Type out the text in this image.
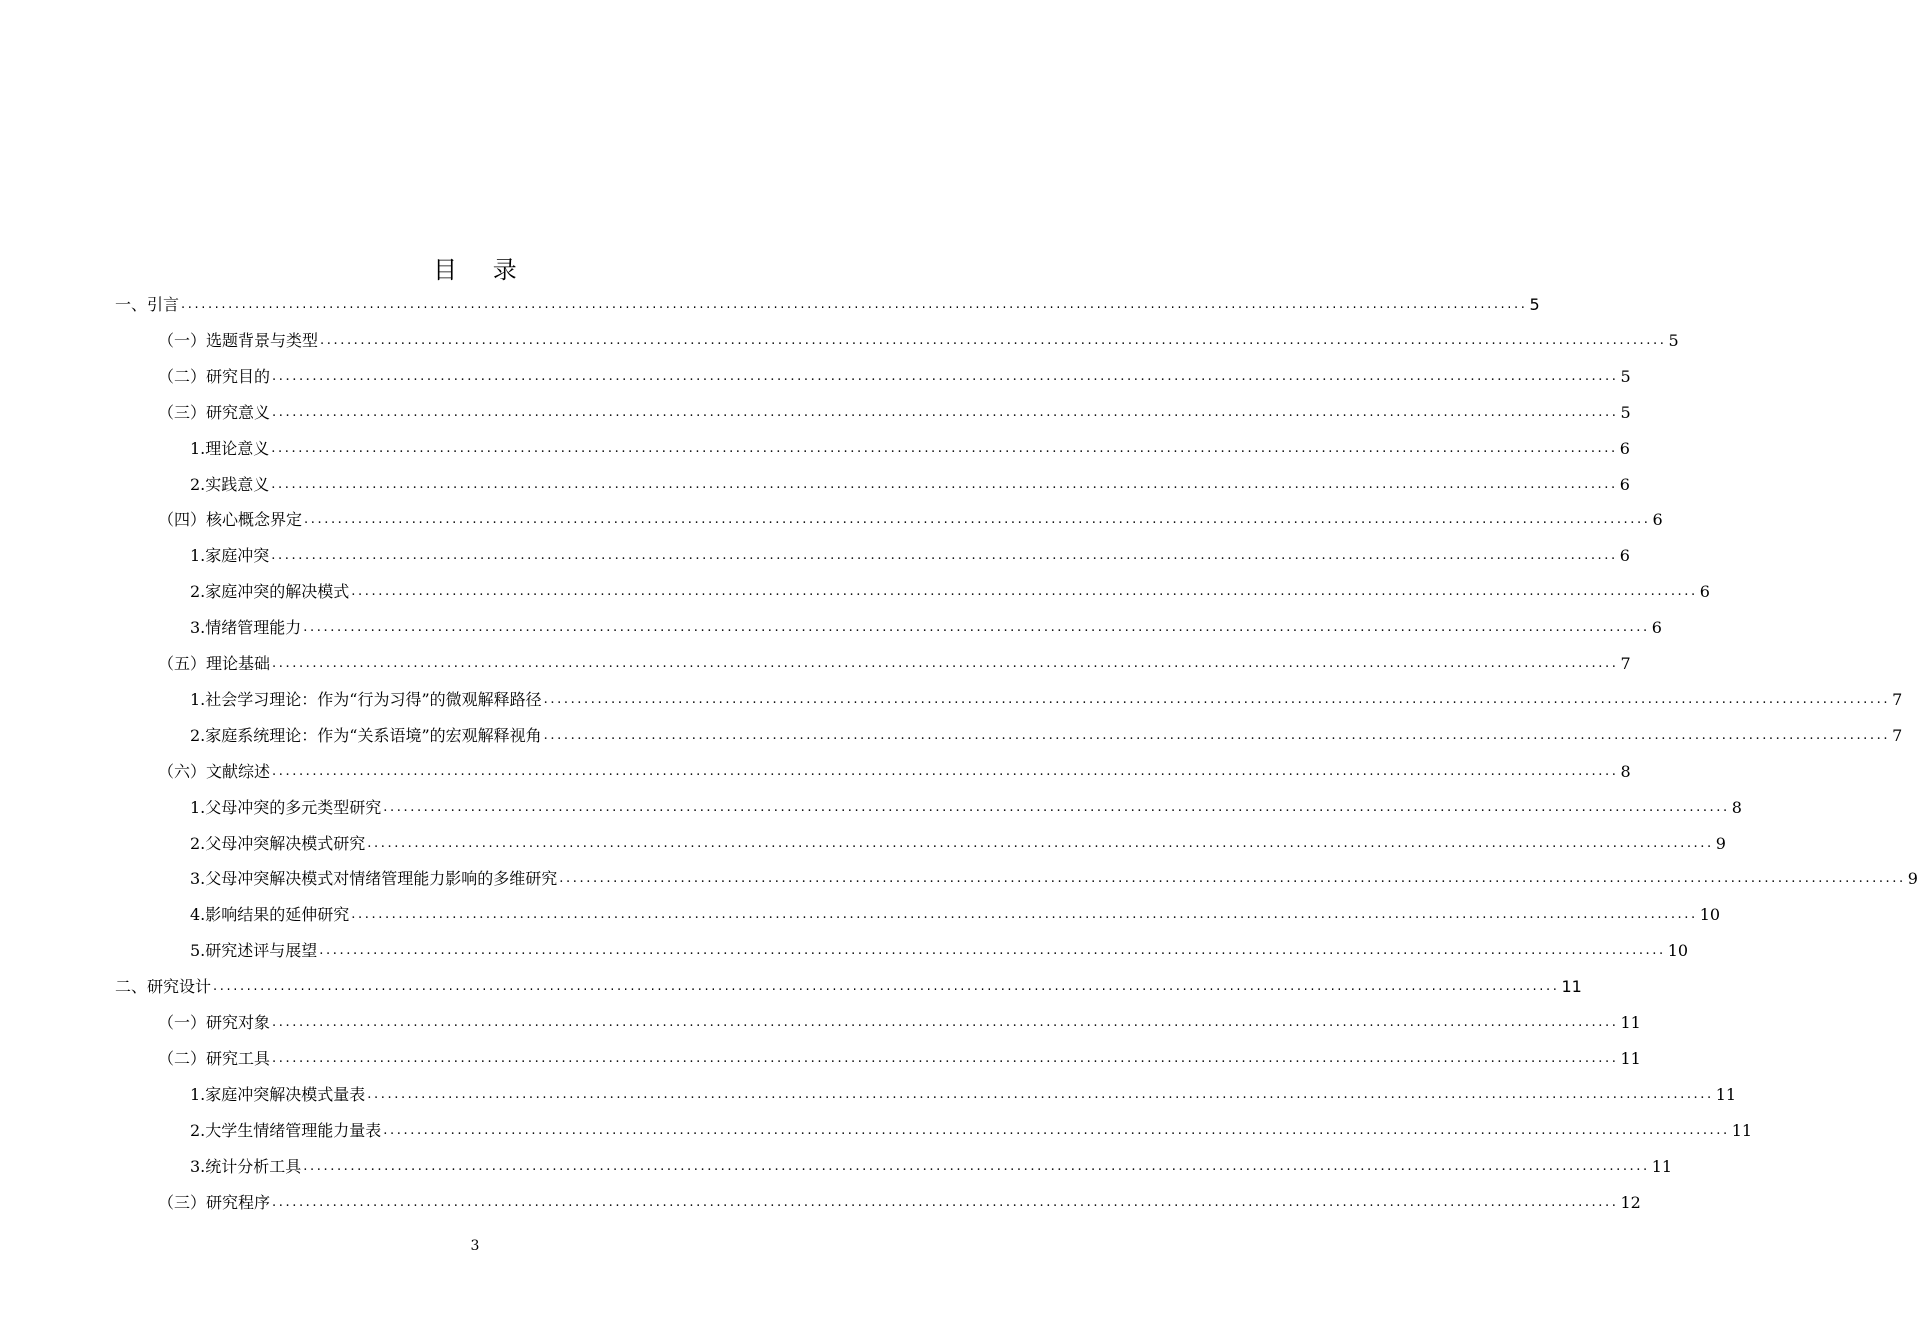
目 录
一、引言 ........................................................................................................................................................................................................ 5
（一）选题背景与类型 ........................................................................................................................................................................................................ 5
（二）研究目的 ........................................................................................................................................................................................................ 5
（三）研究意义 ........................................................................................................................................................................................................ 5
1.理论意义 ........................................................................................................................................................................................................ 6
2.实践意义 ........................................................................................................................................................................................................ 6
（四）核心概念界定 ........................................................................................................................................................................................................ 6
1.家庭冲突 ........................................................................................................................................................................................................ 6
2.家庭冲突的解决模式 ........................................................................................................................................................................................................ 6
3.情绪管理能力 ........................................................................................................................................................................................................ 6
（五）理论基础 ........................................................................................................................................................................................................ 7
1.社会学习理论：作为“行为习得”的微观解释路径 ........................................................................................................................................................................................................ 7
2.家庭系统理论：作为“关系语境”的宏观解释视角 ........................................................................................................................................................................................................ 7
（六）文献综述 ........................................................................................................................................................................................................ 8
1.父母冲突的多元类型研究 ........................................................................................................................................................................................................ 8
2.父母冲突解决模式研究 ........................................................................................................................................................................................................ 9
3.父母冲突解决模式对情绪管理能力影响的多维研究 ........................................................................................................................................................................................................ 9
4.影响结果的延伸研究 ........................................................................................................................................................................................................ 10
5.研究述评与展望 ........................................................................................................................................................................................................ 10
二、研究设计 ........................................................................................................................................................................................................ 11
（一）研究对象 ........................................................................................................................................................................................................ 11
（二）研究工具 ........................................................................................................................................................................................................ 11
1.家庭冲突解决模式量表 ........................................................................................................................................................................................................ 11
2.大学生情绪管理能力量表 ........................................................................................................................................................................................................ 11
3.统计分析工具 ........................................................................................................................................................................................................ 11
（三）研究程序 ........................................................................................................................................................................................................ 12
3
